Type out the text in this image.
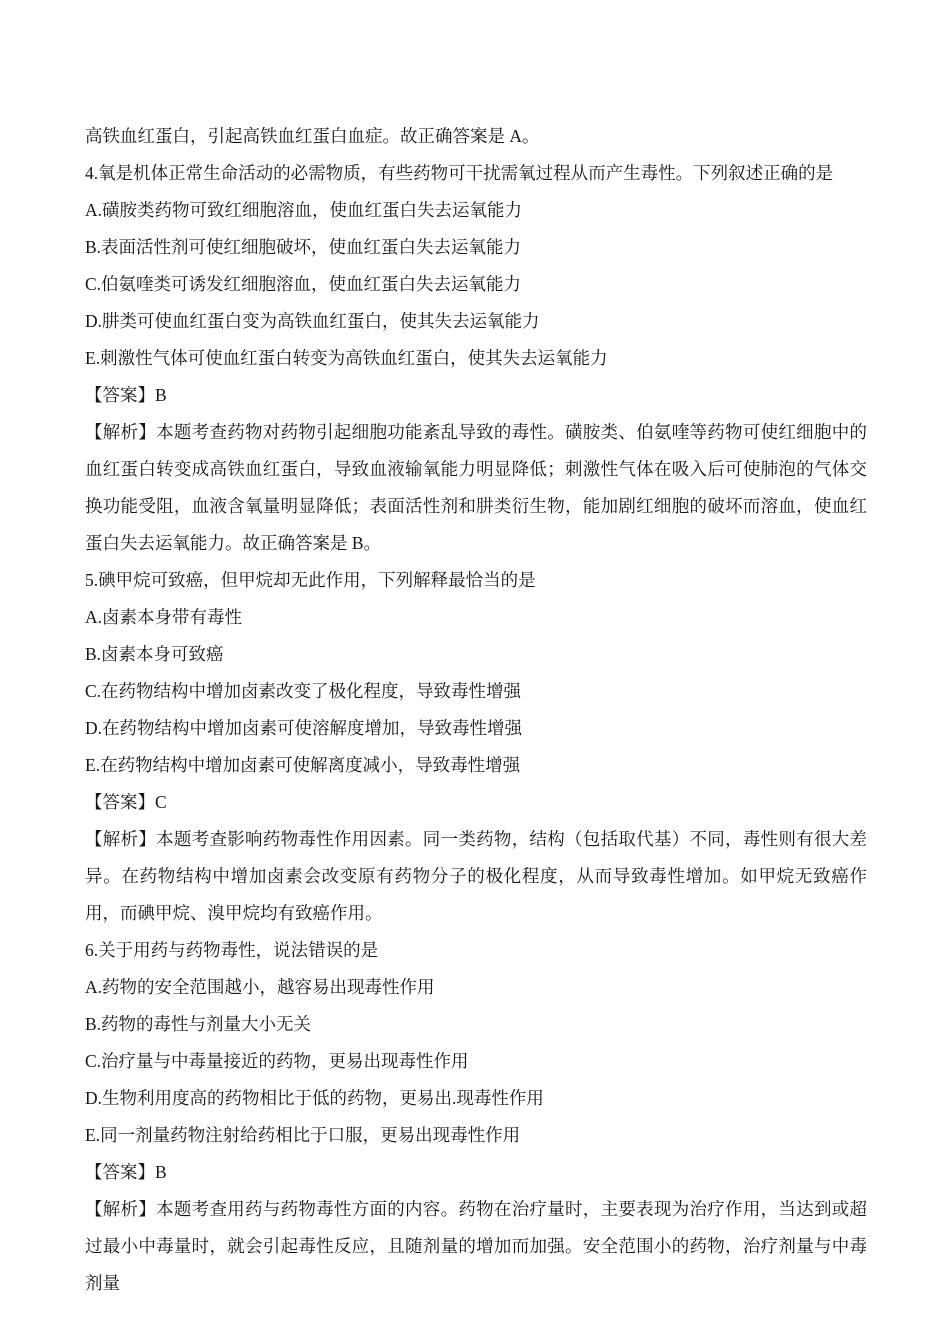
高铁血红蛋白，引起高铁血红蛋白血症。故正确答案是 A。

4.氧是机体正常生命活动的必需物质，有些药物可干扰需氧过程从而产生毒性。下列叙述正确的是

A.磺胺类药物可致红细胞溶血，使血红蛋白失去运氧能力

B.表面活性剂可使红细胞破坏，使血红蛋白失去运氧能力

C.伯氨喹类可诱发红细胞溶血，使血红蛋白失去运氧能力

D.肼类可使血红蛋白变为高铁血红蛋白，使其失去运氧能力

E.刺激性气体可使血红蛋白转变为高铁血红蛋白，使其失去运氧能力

【答案】B

【解析】本题考查药物对药物引起细胞功能紊乱导致的毒性。磺胺类、伯氨喹等药物可使红细胞中的血红蛋白转变成高铁血红蛋白，导致血液输氧能力明显降低；刺激性气体在吸入后可使肺泡的气体交换功能受阻，血液含氧量明显降低；表面活性剂和肼类衍生物，能加剧红细胞的破坏而溶血，使血红蛋白失去运氧能力。故正确答案是 B。

5.碘甲烷可致癌，但甲烷却无此作用，下列解释最恰当的是

A.卤素本身带有毒性

B.卤素本身可致癌

C.在药物结构中增加卤素改变了极化程度，导致毒性增强

D.在药物结构中增加卤素可使溶解度增加，导致毒性增强

E.在药物结构中增加卤素可使解离度减小，导致毒性增强

【答案】C

【解析】本题考查影响药物毒性作用因素。同一类药物，结构（包括取代基）不同，毒性则有很大差异。在药物结构中增加卤素会改变原有药物分子的极化程度，从而导致毒性增加。如甲烷无致癌作用，而碘甲烷、溴甲烷均有致癌作用。

6.关于用药与药物毒性，说法错误的是

A.药物的安全范围越小，越容易出现毒性作用

B.药物的毒性与剂量大小无关

C.治疗量与中毒量接近的药物，更易出现毒性作用

D.生物利用度高的药物相比于低的药物，更易出.现毒性作用

E.同一剂量药物注射给药相比于口服，更易出现毒性作用

【答案】B

【解析】本题考查用药与药物毒性方面的内容。药物在治疗量时，主要表现为治疗作用，当达到或超过最小中毒量时，就会引起毒性反应，且随剂量的增加而加强。安全范围小的药物，治疗剂量与中毒剂量
